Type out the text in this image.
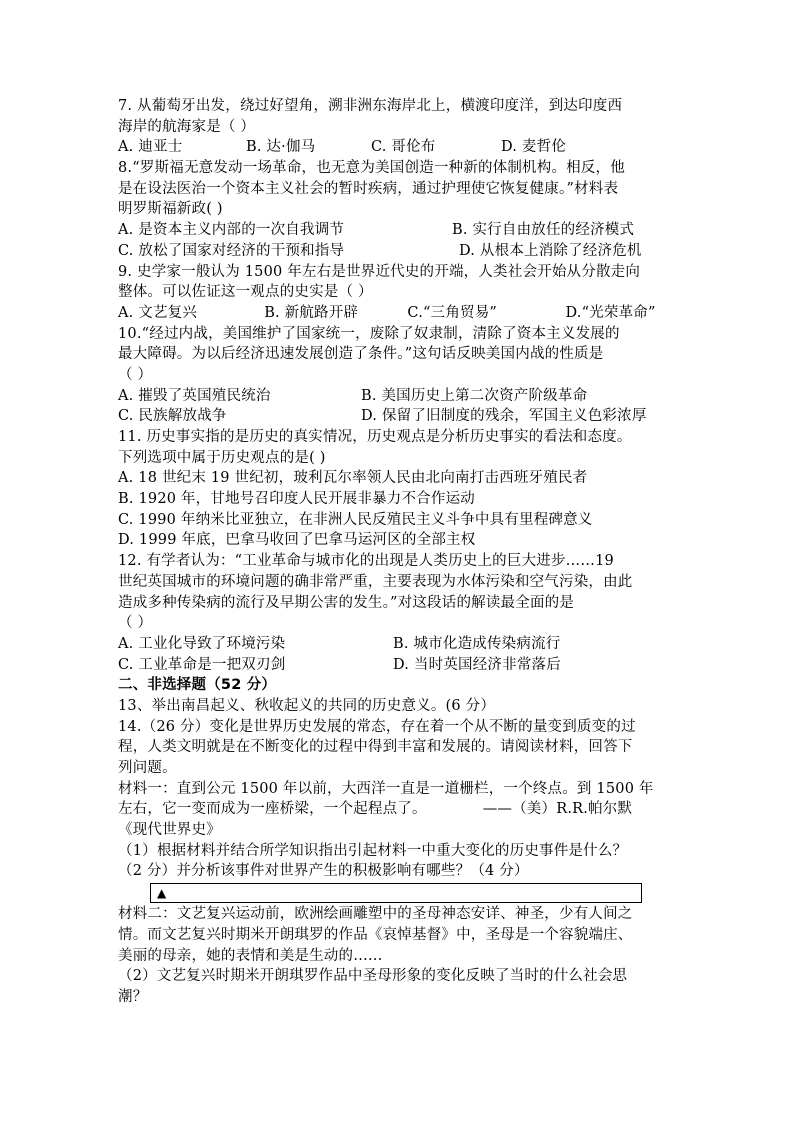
7. 从葡萄牙出发，绕过好望角，溯非洲东海岸北上，横渡印度洋，到达印度西
海岸的航海家是（ ）
A. 迪亚士	B. 达·伽马	C. 哥伦布	D. 麦哲伦
8.“罗斯福无意发动一场革命，也无意为美国创造一种新的体制机构。相反，他
是在设法医治一个资本主义社会的暂时疾病，通过护理使它恢复健康。”材料表
明罗斯福新政( )
A. 是资本主义内部的一次自我调节	B. 实行自由放任的经济模式
C. 放松了国家对经济的干预和指导	D. 从根本上消除了经济危机
9. 史学家一般认为 1500 年左右是世界近代史的开端，人类社会开始从分散走向
整体。可以佐证这一观点的史实是（ ）
A. 文艺复兴	B. 新航路开辟	C.“三角贸易”	D.“光荣革命”
10.“经过内战，美国维护了国家统一，废除了奴隶制，清除了资本主义发展的
最大障碍。为以后经济迅速发展创造了条件。”这句话反映美国内战的性质是
（ ）
A. 摧毁了英国殖民统治	B. 美国历史上第二次资产阶级革命
C. 民族解放战争	D. 保留了旧制度的残余，军国主义色彩浓厚
11. 历史事实指的是历史的真实情况，历史观点是分析历史事实的看法和态度。
下列选项中属于历史观点的是( )
A. 18 世纪末 19 世纪初，玻利瓦尔率领人民由北向南打击西班牙殖民者
B. 1920 年，甘地号召印度人民开展非暴力不合作运动
C. 1990 年纳米比亚独立，在非洲人民反殖民主义斗争中具有里程碑意义
D. 1999 年底，巴拿马收回了巴拿马运河区的全部主权
12. 有学者认为：“工业革命与城市化的出现是人类历史上的巨大进步……19
世纪英国城市的环境问题的确非常严重，主要表现为水体污染和空气污染，由此
造成多种传染病的流行及早期公害的发生。”对这段话的解读最全面的是
（ ）
A. 工业化导致了环境污染	B. 城市化造成传染病流行
C. 工业革命是一把双刃剑	D. 当时英国经济非常落后
二、非选择题（52 分）
13、举出南昌起义、秋收起义的共同的历史意义。(6 分）
14.（26 分）变化是世界历史发展的常态，存在着一个从不断的量变到质变的过
程，人类文明就是在不断变化的过程中得到丰富和发展的。请阅读材料，回答下
列问题。
材料一：直到公元 1500 年以前，大西洋一直是一道栅栏，一个终点。到 1500 年
左右，它一变而成为一座桥梁，一个起程点了。	——（美）R.R.帕尔默
《现代世界史》
（1）根据材料并结合所学知识指出引起材料一中重大变化的历史事件是什么？
（2 分）并分析该事件对世界产生的积极影响有哪些？（4 分）
▲
材料二：文艺复兴运动前，欧洲绘画雕塑中的圣母神态安详、神圣，少有人间之
情。而文艺复兴时期米开朗琪罗的作品《哀悼基督》中，圣母是一个容貌端庄、
美丽的母亲，她的表情和美是生动的……
（2）文艺复兴时期米开朗琪罗作品中圣母形象的变化反映了当时的什么社会思
潮？
